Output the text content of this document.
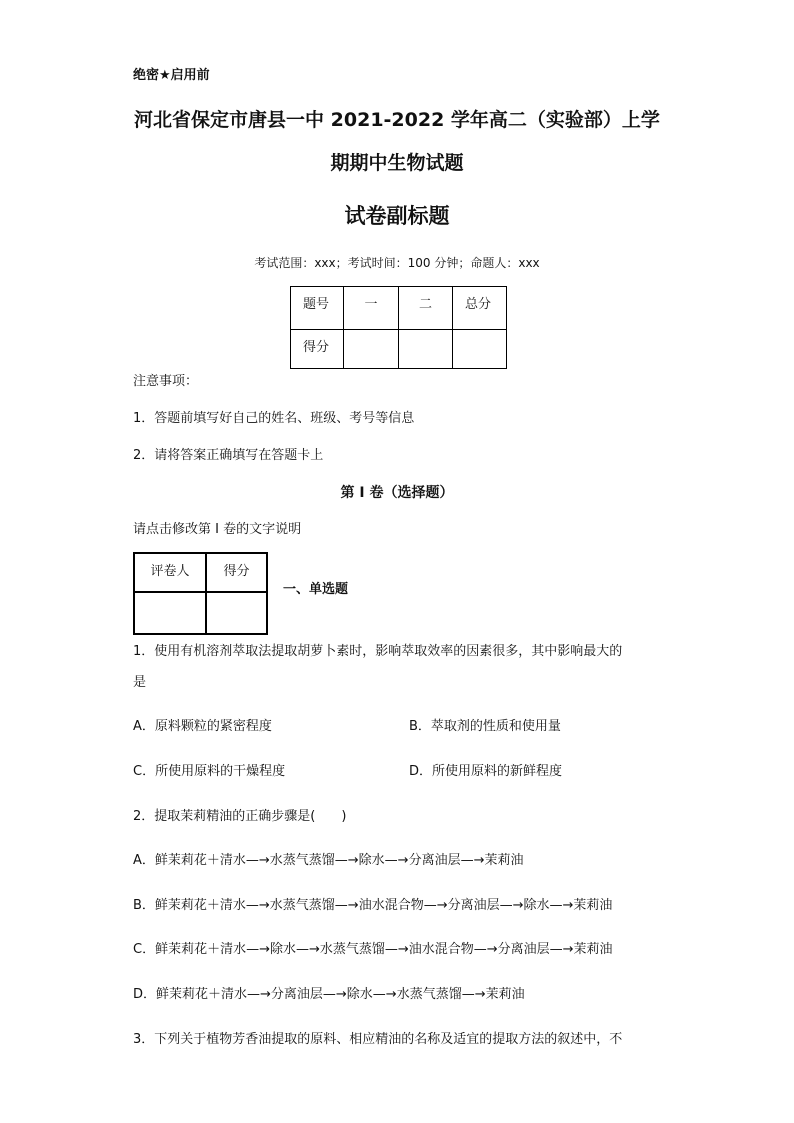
绝密★启用前
河北省保定市唐县一中 2021-2022 学年高二（实验部）上学
期期中生物试题
试卷副标题
考试范围：xxx；考试时间：100 分钟；命题人：xxx
题号	一	二	总分
得分			
注意事项：
1．答题前填写好自己的姓名、班级、考号等信息
2．请将答案正确填写在答题卡上
第 I 卷（选择题）
请点击修改第 I 卷的文字说明
评卷人	得分

一、单选题
1．使用有机溶剂萃取法提取胡萝卜素时，影响萃取效率的因素很多，其中影响最大的
是
A．原料颗粒的紧密程度	B．萃取剂的性质和使用量
C．所使用原料的干燥程度	D．所使用原料的新鲜程度
2．提取茉莉精油的正确步骤是(　　)
A．鲜茉莉花＋清水—→水蒸气蒸馏—→除水—→分离油层—→茉莉油
B．鲜茉莉花＋清水—→水蒸气蒸馏—→油水混合物—→分离油层—→除水—→茉莉油
C．鲜茉莉花＋清水—→除水—→水蒸气蒸馏—→油水混合物—→分离油层—→茉莉油
D．鲜茉莉花＋清水—→分离油层—→除水—→水蒸气蒸馏—→茉莉油
3．下列关于植物芳香油提取的原料、相应精油的名称及适宜的提取方法的叙述中，不
